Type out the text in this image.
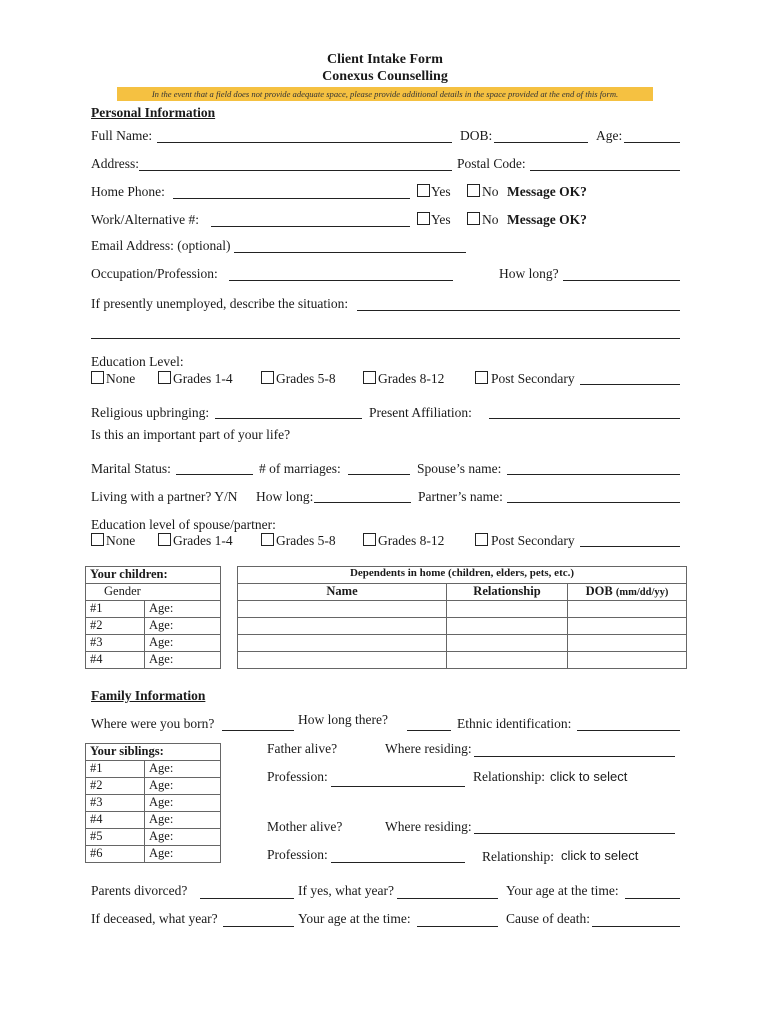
Client Intake Form
Conexus Counselling
In the event that a field does not provide adequate space, please provide additional details in the space provided at the end of this form.
Personal Information
Full Name:	DOB:	Age:
Address:	Postal Code:
Home Phone:	Yes No Message OK?
Work/Alternative #:	Yes No Message OK?
Email Address: (optional)
Occupation/Profession:	How long?
If presently unemployed, describe the situation:
Education Level:
None	Grades 1-4	Grades 5-8	Grades 8-12	Post Secondary
Religious upbringing:	Present Affiliation:
Is this an important part of your life?
Marital Status:	# of marriages:	Spouse’s name:
Living with a partner? Y/N How long:	Partner’s name:
Education level of spouse/partner:
None	Grades 1-4	Grades 5-8	Grades 8-12	Post Secondary
Your children:	
Gender	
#1	Age:
#2	Age:
#3	Age:
#4	Age:
Dependents in home (children, elders, pets, etc.)		
Name	Relationship	DOB (mm/dd/yy)

Family Information
Where were you born?	How long there?	Ethnic identification:
Your siblings:	
#1	Age:
#2	Age:
#3	Age:
#4	Age:
#5	Age:
#6	Age:
Father alive?	Where residing:
Profession:	Relationship: click to select
Mother alive?	Where residing:
Profession:	Relationship: click to select
Parents divorced?	If yes, what year?	Your age at the time:
If deceased, what year?	Your age at the time:	Cause of death:
